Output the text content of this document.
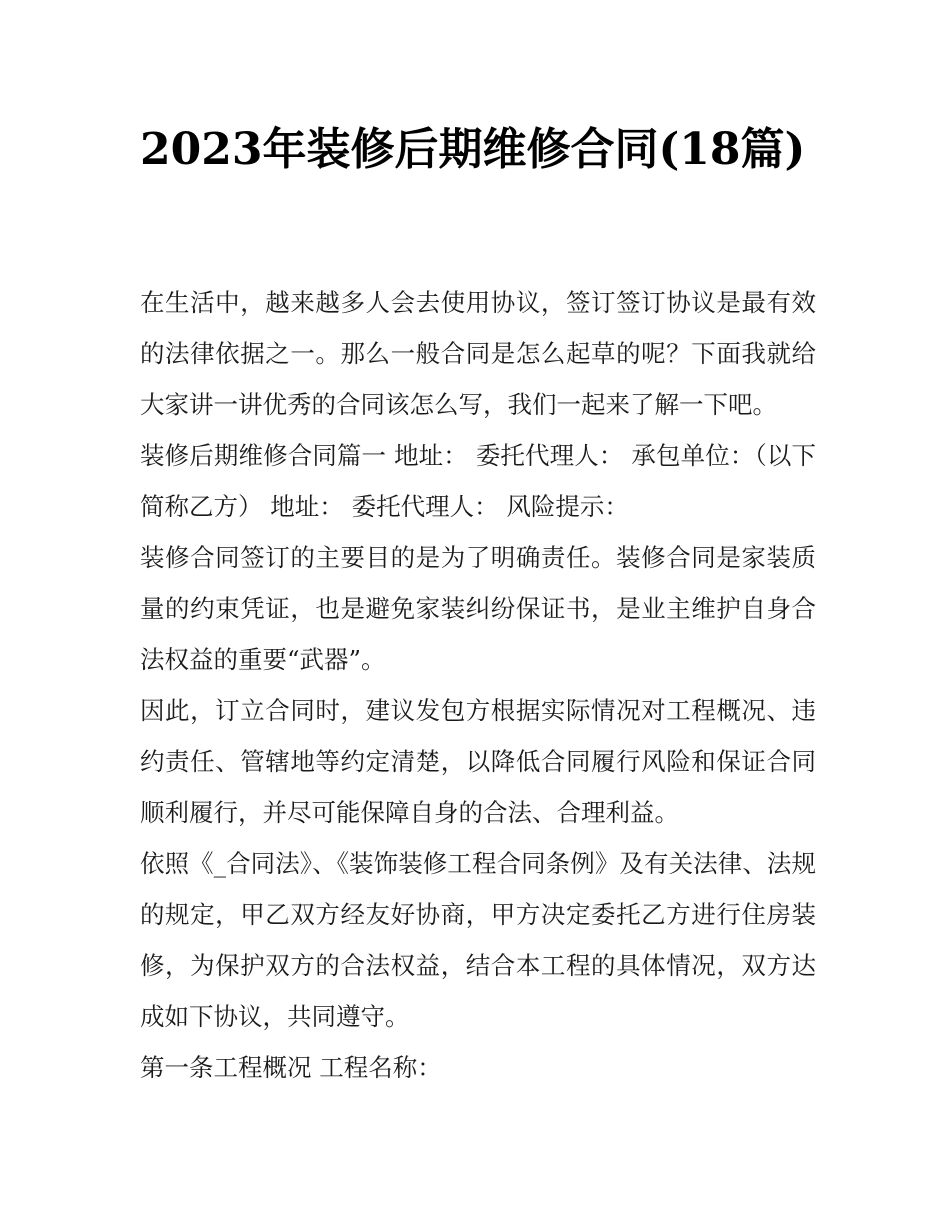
2023年装修后期维修合同(18篇)

在生活中，越来越多人会去使用协议，签订签订协议是最有效的法律依据之一。那么一般合同是怎么起草的呢？下面我就给大家讲一讲优秀的合同该怎么写，我们一起来了解一下吧。

装修后期维修合同篇一 地址： 委托代理人： 承包单位：（以下简称乙方） 地址： 委托代理人： 风险提示：

装修合同签订的主要目的是为了明确责任。装修合同是家装质量的约束凭证，也是避免家装纠纷保证书，是业主维护自身合法权益的重要“武器”。

因此，订立合同时，建议发包方根据实际情况对工程概况、违约责任、管辖地等约定清楚，以降低合同履行风险和保证合同顺利履行，并尽可能保障自身的合法、合理利益。

依照《_合同法》、《装饰装修工程合同条例》及有关法律、法规的规定，甲乙双方经友好协商，甲方决定委托乙方进行住房装修，为保护双方的合法权益，结合本工程的具体情况，双方达成如下协议，共同遵守。

第一条工程概况 工程名称：
